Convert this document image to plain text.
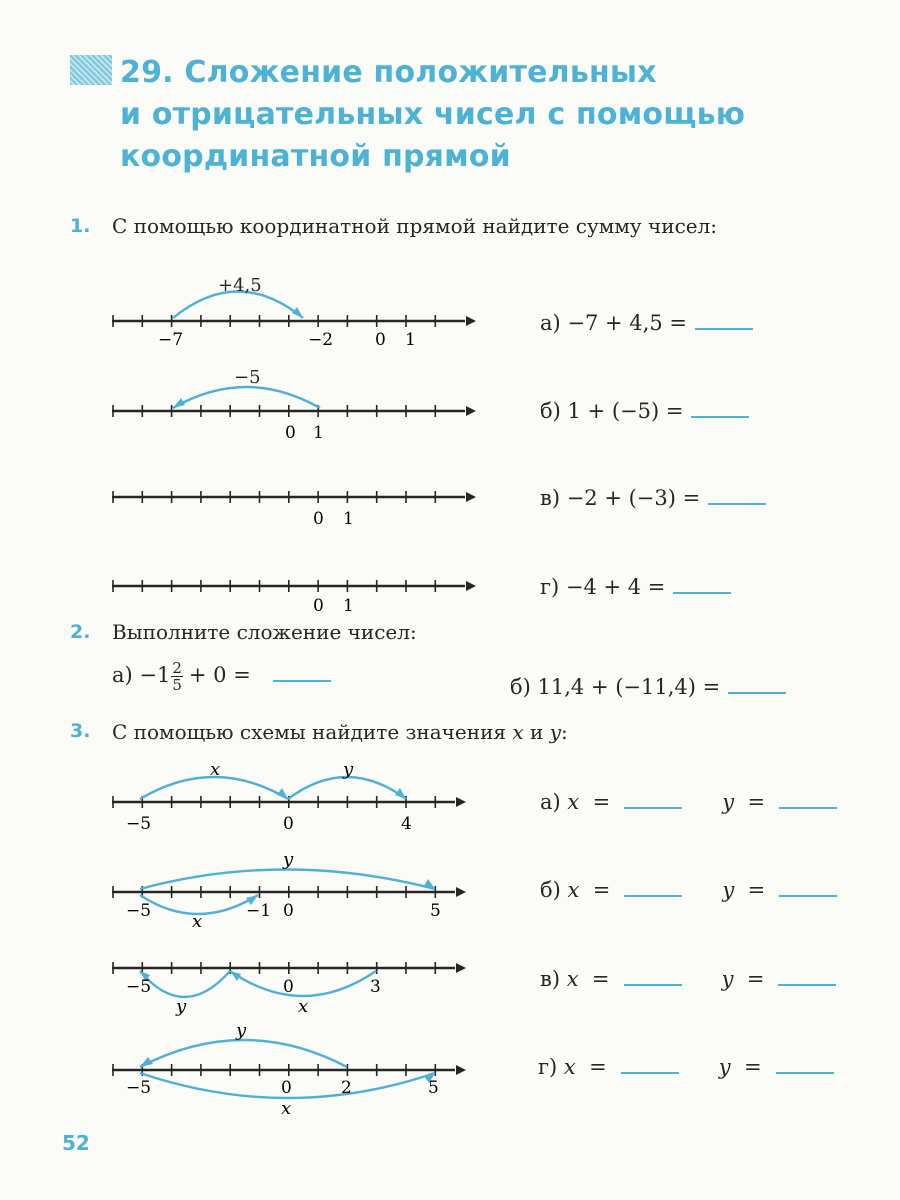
29. Сложение положительных
и отрицательных чисел с помощью
координатной прямой
1. С помощью координатной прямой найдите сумму чисел:
+4,5
−7	−2 0 1
а) −7 + 4,5 =
−5
0 1
б) 1 + (−5) =
0 1
в) −2 + (−3) =
0 1
г) −4 + 4 =
2. Выполните сложение чисел:
$а) -1 \frac{2}{5} + 0$ =	б) 11,4 + (−11,4) =
3. С помощью схемы найдите значения x и y:
x	y
−5	0	4
а) x =	y =
y
x
−5	−1 0	5
б) x =	y =
x
y
−5	0	3	в) x =	y =
y
x
−5	0	2	5
г) x =	y =
52
